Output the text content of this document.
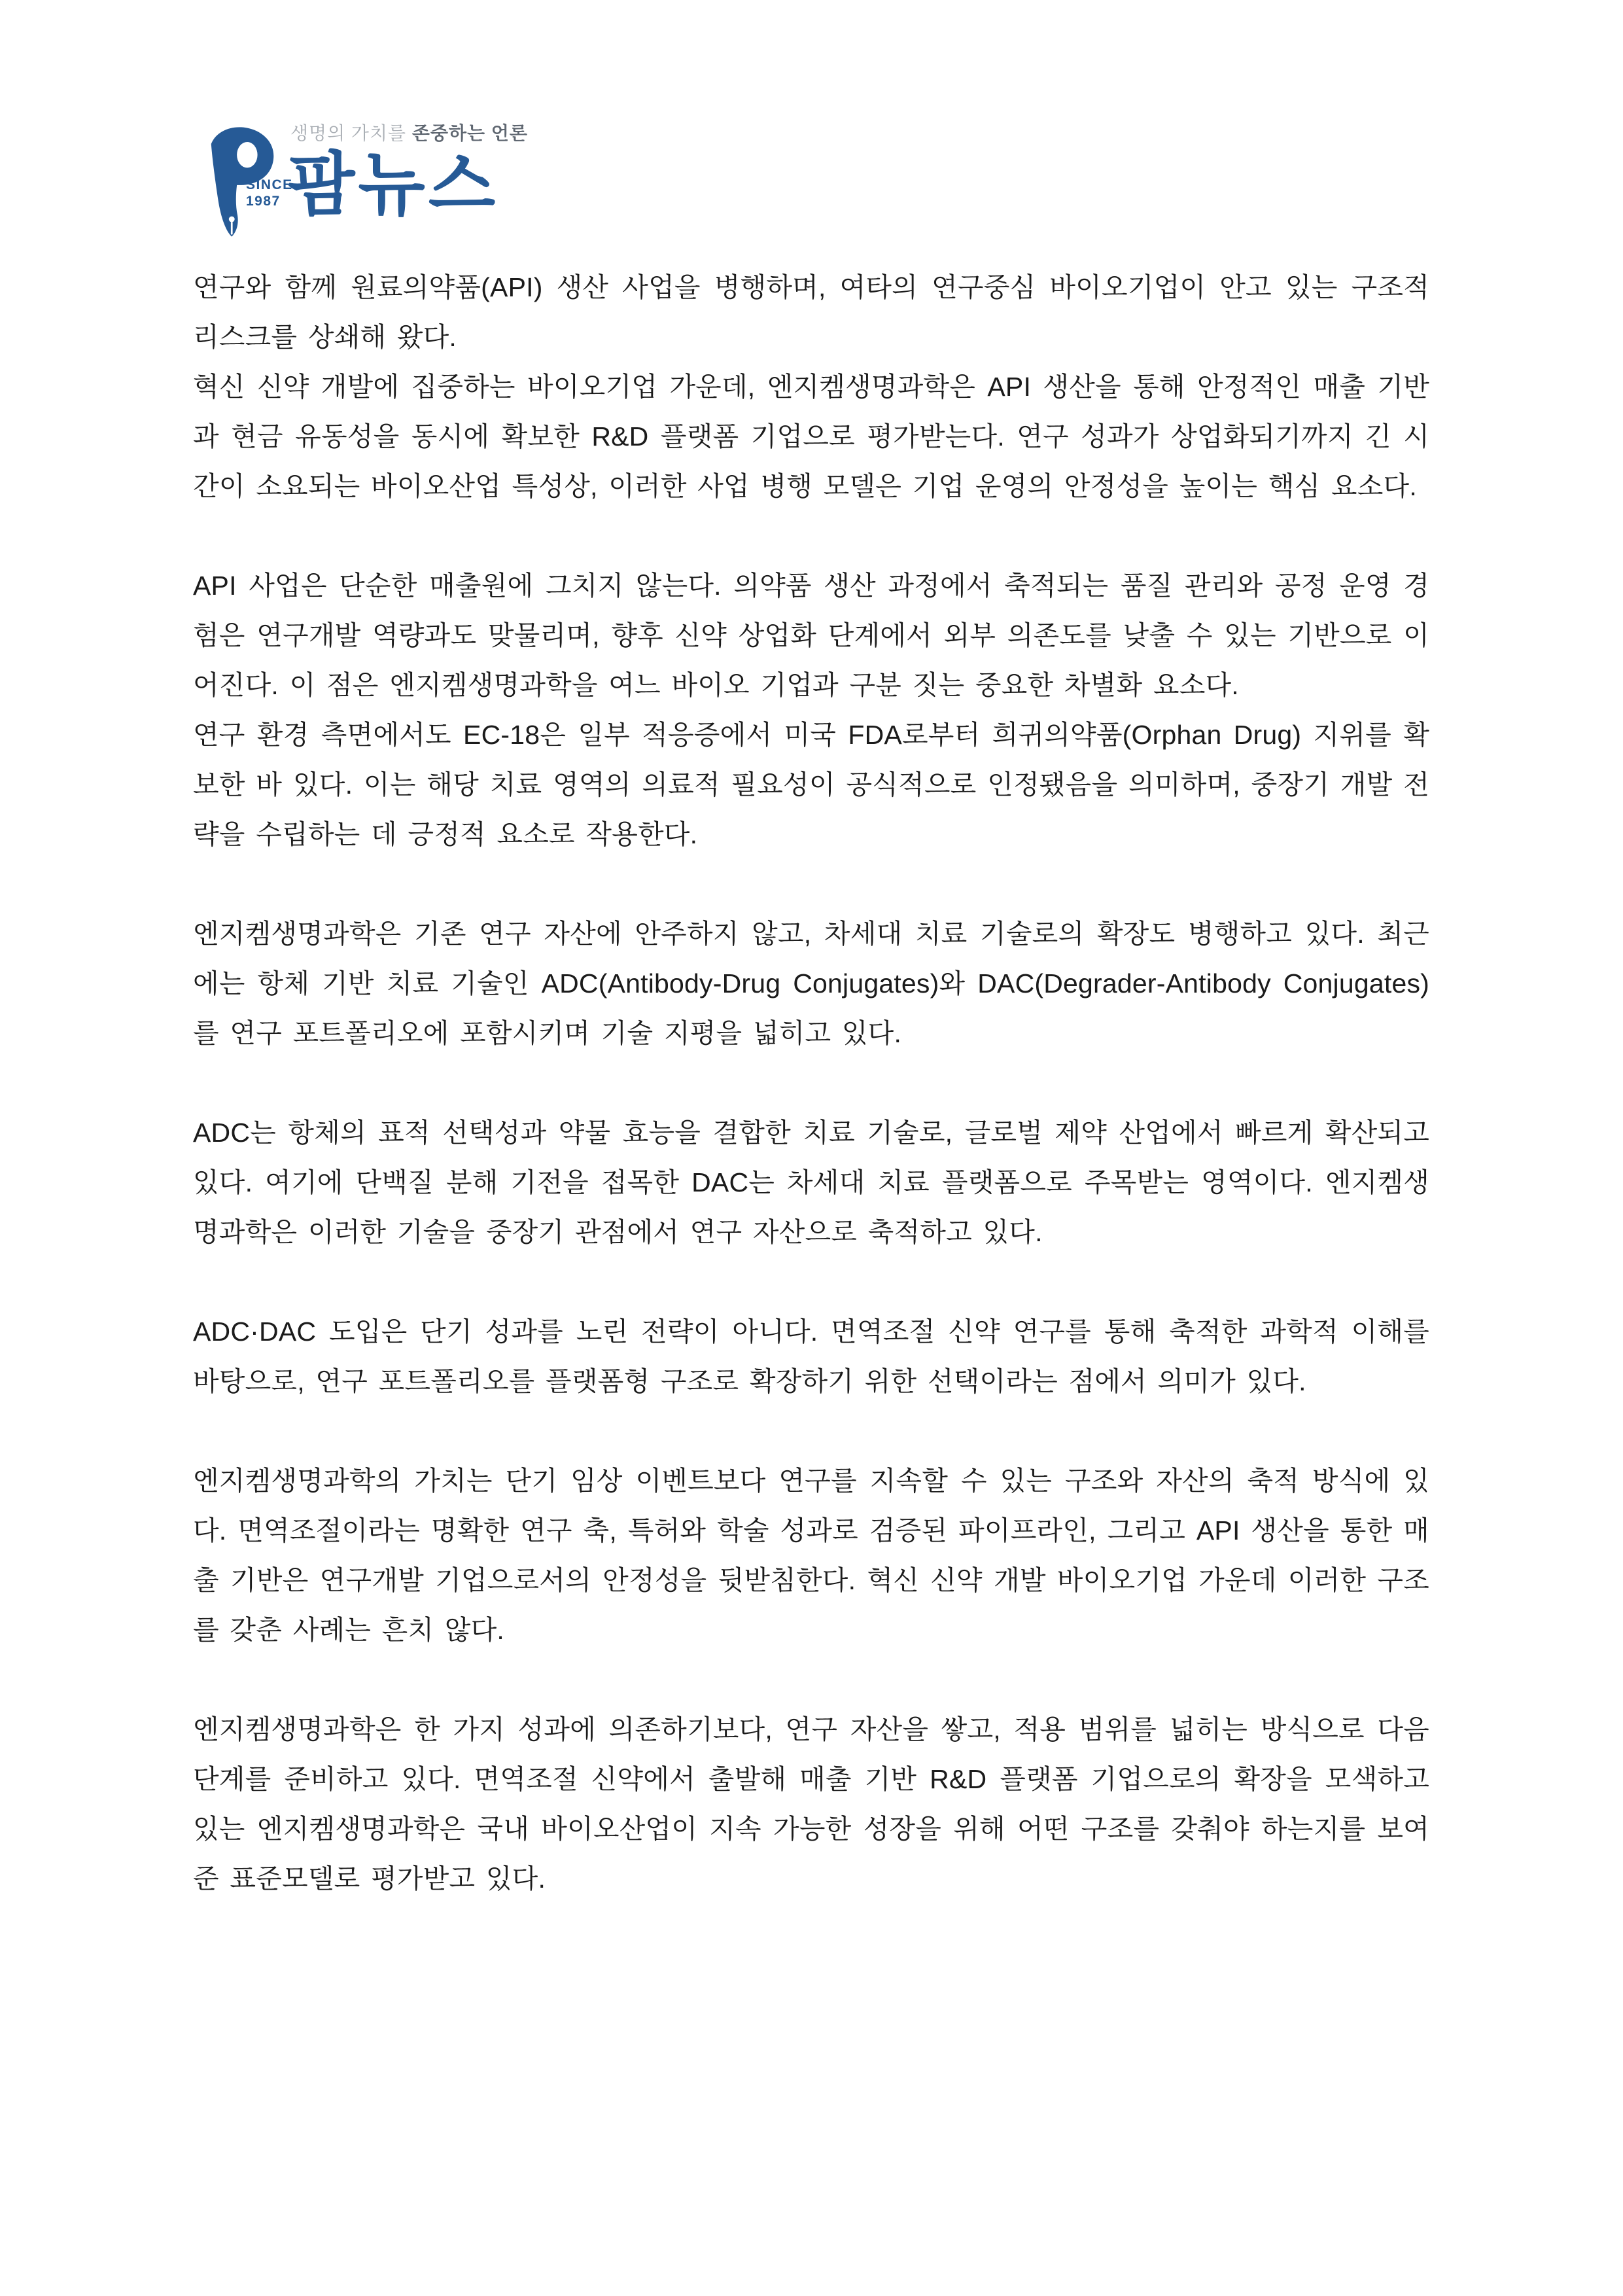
SINCE
1987
생명의 가치를 존중하는 언론
팜뉴스

연구와 함께 원료의약품(API) 생산 사업을 병행하며, 여타의 연구중심 바이오기업이 안고 있는 구조적 리스크를 상쇄해 왔다.

혁신 신약 개발에 집중하는 바이오기업 가운데, 엔지켐생명과학은 API 생산을 통해 안정적인 매출 기반과 현금 유동성을 동시에 확보한 R&D 플랫폼 기업으로 평가받는다. 연구 성과가 상업화되기까지 긴 시간이 소요되는 바이오산업 특성상, 이러한 사업 병행 모델은 기업 운영의 안정성을 높이는 핵심 요소다.

API 사업은 단순한 매출원에 그치지 않는다. 의약품 생산 과정에서 축적되는 품질 관리와 공정 운영 경험은 연구개발 역량과도 맞물리며, 향후 신약 상업화 단계에서 외부 의존도를 낮출 수 있는 기반으로 이어진다. 이 점은 엔지켐생명과학을 여느 바이오 기업과 구분 짓는 중요한 차별화 요소다.

연구 환경 측면에서도 EC-18은 일부 적응증에서 미국 FDA로부터 희귀의약품(Orphan Drug) 지위를 확보한 바 있다. 이는 해당 치료 영역의 의료적 필요성이 공식적으로 인정됐음을 의미하며, 중장기 개발 전략을 수립하는 데 긍정적 요소로 작용한다.

엔지켐생명과학은 기존 연구 자산에 안주하지 않고, 차세대 치료 기술로의 확장도 병행하고 있다. 최근에는 항체 기반 치료 기술인 ADC(Antibody-Drug Conjugates)와 DAC(Degrader-Antibody Conjugates)를 연구 포트폴리오에 포함시키며 기술 지평을 넓히고 있다.

ADC는 항체의 표적 선택성과 약물 효능을 결합한 치료 기술로, 글로벌 제약 산업에서 빠르게 확산되고 있다. 여기에 단백질 분해 기전을 접목한 DAC는 차세대 치료 플랫폼으로 주목받는 영역이다. 엔지켐생명과학은 이러한 기술을 중장기 관점에서 연구 자산으로 축적하고 있다.

ADC·DAC 도입은 단기 성과를 노린 전략이 아니다. 면역조절 신약 연구를 통해 축적한 과학적 이해를 바탕으로, 연구 포트폴리오를 플랫폼형 구조로 확장하기 위한 선택이라는 점에서 의미가 있다.

엔지켐생명과학의 가치는 단기 임상 이벤트보다 연구를 지속할 수 있는 구조와 자산의 축적 방식에 있다. 면역조절이라는 명확한 연구 축, 특허와 학술 성과로 검증된 파이프라인, 그리고 API 생산을 통한 매출 기반은 연구개발 기업으로서의 안정성을 뒷받침한다. 혁신 신약 개발 바이오기업 가운데 이러한 구조를 갖춘 사례는 흔치 않다.

엔지켐생명과학은 한 가지 성과에 의존하기보다, 연구 자산을 쌓고, 적용 범위를 넓히는 방식으로 다음 단계를 준비하고 있다. 면역조절 신약에서 출발해 매출 기반 R&D 플랫폼 기업으로의 확장을 모색하고 있는 엔지켐생명과학은 국내 바이오산업이 지속 가능한 성장을 위해 어떤 구조를 갖춰야 하는지를 보여준 표준모델로 평가받고 있다.
